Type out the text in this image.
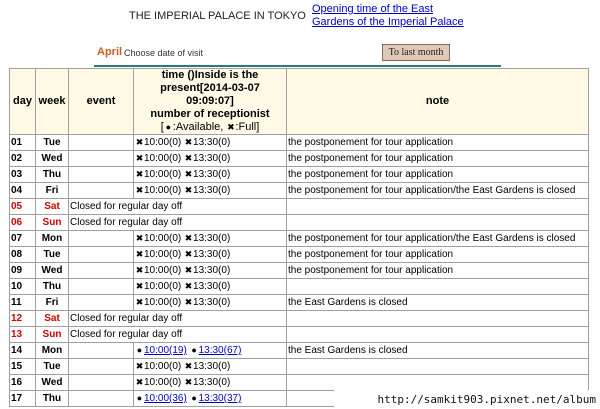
THE IMPERIAL PALACE IN TOKYO
Opening time of the East
Gardens of the Imperial Palace
April Choose date of visit	To last month
day	week	event	time ()Inside is the
present[2014-03-07 09:09:07]
number of receptionist
[ ● :Available, ✖:Full]	note
01	Tue		✖10:00(0) ✖13:30(0)	the postponement for tour application
02	Wed		✖10:00(0) ✖13:30(0)	the postponement for tour application
03	Thu		✖10:00(0) ✖13:30(0)	the postponement for tour application
04	Fri		✖10:00(0) ✖13:30(0)	the postponement for tour application/the East Gardens is closed
05	Sat	Closed for regular day off		
06	Sun	Closed for regular day off		
07	Mon		✖10:00(0) ✖13:30(0)	the postponement for tour application/the East Gardens is closed
08	Tue		✖10:00(0) ✖13:30(0)	the postponement for tour application
09	Wed		✖10:00(0) ✖13:30(0)	the postponement for tour application
10	Thu		✖10:00(0) ✖13:30(0)	
11	Fri		✖10:00(0) ✖13:30(0)	the East Gardens is closed
12	Sat	Closed for regular day off		
13	Sun	Closed for regular day off		
14	Mon		● 10:00(19) ● 13:30(67)	the East Gardens is closed
15	Tue		✖10:00(0) ✖13:30(0)	
16	Wed		✖10:00(0) ✖13:30(0)	
17	Thu		● 10:00(36) ● 13:30(37)		http://samkit903.pixnet.net/album
